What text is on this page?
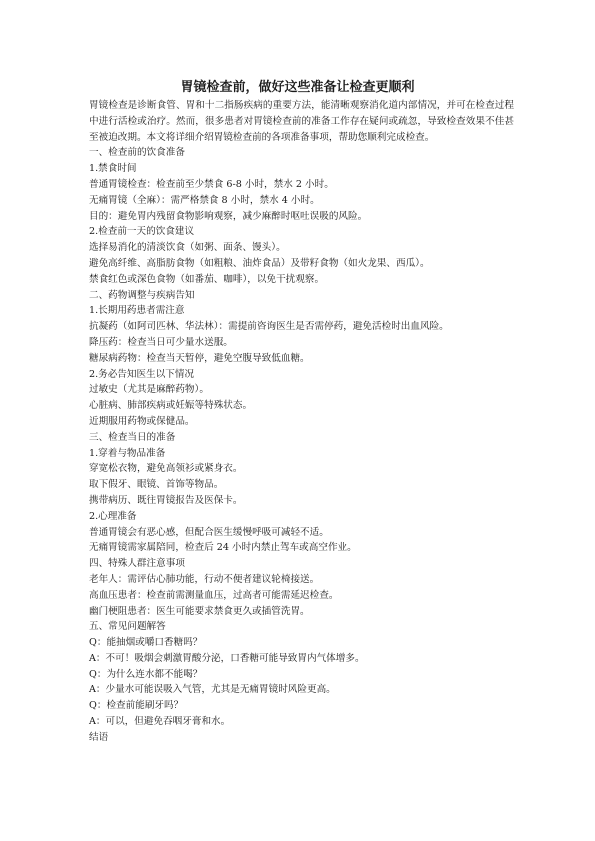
胃镜检查前，做好这些准备让检查更顺利

胃镜检查是诊断食管、胃和十二指肠疾病的重要方法，能清晰观察消化道内部情况，并可在检查过程中进行活检或治疗。然而，很多患者对胃镜检查前的准备工作存在疑问或疏忽，导致检查效果不佳甚至被迫改期。本文将详细介绍胃镜检查前的各项准备事项，帮助您顺利完成检查。

一、检查前的饮食准备

1.禁食时间

普通胃镜检查：检查前至少禁食 6-8 小时，禁水 2 小时。

无痛胃镜（全麻）：需严格禁食 8 小时，禁水 4 小时。

目的：避免胃内残留食物影响观察，减少麻醉时呕吐误吸的风险。

2.检查前一天的饮食建议

选择易消化的清淡饮食（如粥、面条、馒头）。

避免高纤维、高脂肪食物（如粗粮、油炸食品）及带籽食物（如火龙果、西瓜）。

禁食红色或深色食物（如番茄、咖啡），以免干扰观察。

二、药物调整与疾病告知

1.长期用药患者需注意

抗凝药（如阿司匹林、华法林）：需提前咨询医生是否需停药，避免活检时出血风险。

降压药：检查当日可少量水送服。

糖尿病药物：检查当天暂停，避免空腹导致低血糖。

2.务必告知医生以下情况

过敏史（尤其是麻醉药物）。

心脏病、肺部疾病或妊娠等特殊状态。

近期服用药物或保健品。

三、检查当日的准备

1.穿着与物品准备

穿宽松衣物，避免高领衫或紧身衣。

取下假牙、眼镜、首饰等物品。

携带病历、既往胃镜报告及医保卡。

2.心理准备

普通胃镜会有恶心感，但配合医生缓慢呼吸可减轻不适。

无痛胃镜需家属陪同，检查后 24 小时内禁止驾车或高空作业。

四、特殊人群注意事项

老年人：需评估心肺功能，行动不便者建议轮椅接送。

高血压患者：检查前需测量血压，过高者可能需延迟检查。

幽门梗阻患者：医生可能要求禁食更久或插管洗胃。

五、常见问题解答

Q：能抽烟或嚼口香糖吗？

A：不可！吸烟会刺激胃酸分泌，口香糖可能导致胃内气体增多。

Q：为什么连水都不能喝？

A：少量水可能误吸入气管，尤其是无痛胃镜时风险更高。

Q：检查前能刷牙吗？

A：可以，但避免吞咽牙膏和水。

结语
